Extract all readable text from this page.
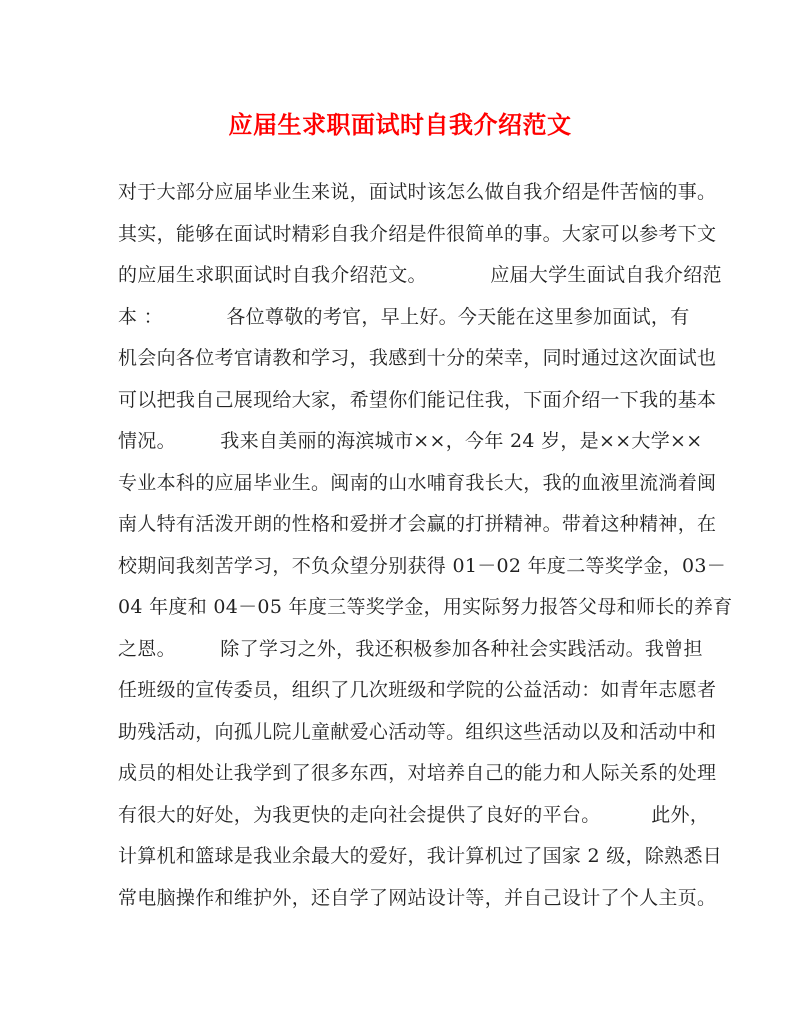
应届生求职面试时自我介绍范文
对于大部分应届毕业生来说，面试时该怎么做自我介绍是件苦恼的事。
其实，能够在面试时精彩自我介绍是件很简单的事。大家可以参考下文
的应届生求职面试时自我介绍范文。          应届大学生面试自我介绍范
本 ：          各位尊敬的考官，早上好。今天能在这里参加面试，有
机会向各位考官请教和学习，我感到十分的荣幸，同时通过这次面试也
可以把我自己展现给大家，希望你们能记住我，下面介绍一下我的基本
情况。       我来自美丽的海滨城市××，今年 24 岁，是××大学××
专业本科的应届毕业生。闽南的山水哺育我长大，我的血液里流淌着闽
南人特有活泼开朗的性格和爱拼才会赢的打拼精神。带着这种精神，在
校期间我刻苦学习，不负众望分别获得 01－02 年度二等奖学金，03－
04 年度和 04－05 年度三等奖学金，用实际努力报答父母和师长的养育
之恩。       除了学习之外，我还积极参加各种社会实践活动。我曾担
任班级的宣传委员，组织了几次班级和学院的公益活动：如青年志愿者
助残活动，向孤儿院儿童献爱心活动等。组织这些活动以及和活动中和
成员的相处让我学到了很多东西，对培养自己的能力和人际关系的处理
有很大的好处，为我更快的走向社会提供了良好的平台。        此外，
计算机和篮球是我业余最大的爱好，我计算机过了国家 2 级，除熟悉日
常电脑操作和维护外，还自学了网站设计等，并自己设计了个人主页。
